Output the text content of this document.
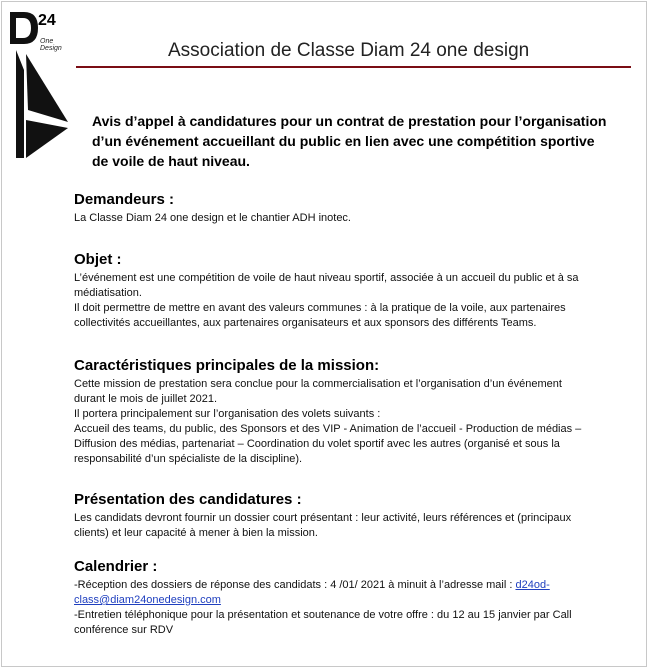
24
One
Design	Association de Classe Diam 24 one design
Avis d’appel à candidatures pour un contrat de prestation pour l’organisation
d’un événement accueillant du public en lien avec une compétition sportive
de voile de haut niveau.
Demandeurs :

La Classe Diam 24 one design et le chantier ADH inotec.

Objet :

L’événement est une compétition de voile de haut niveau sportif, associée à un accueil du public et à sa

médiatisation.

Il doit permettre de mettre en avant des valeurs communes : à la pratique de la voile, aux partenaires

collectivités accueillantes, aux partenaires organisateurs et aux sponsors des différents Teams.

Caractéristiques principales de la mission:

Cette mission de prestation sera conclue pour la commercialisation et l’organisation d’un événement

durant le mois de juillet 2021.

Il portera principalement sur l’organisation des volets suivants :

Accueil des teams, du public, des Sponsors et des VIP - Animation de l’accueil - Production de médias –

Diffusion des médias, partenariat – Coordination du volet sportif avec les autres (organisé et sous la

responsabilité d’un spécialiste de la discipline).

Présentation des candidatures :

Les candidats devront fournir un dossier court présentant : leur activité, leurs références et (principaux

clients) et leur capacité à mener à bien la mission.

Calendrier :

-Réception des dossiers de réponse des candidats : 4 /01/ 2021 à minuit à l’adresse mail : d24od-

class@diam24onedesign.com

-Entretien téléphonique pour la présentation et soutenance de votre offre : du 12 au 15 janvier par Call

conférence sur RDV
